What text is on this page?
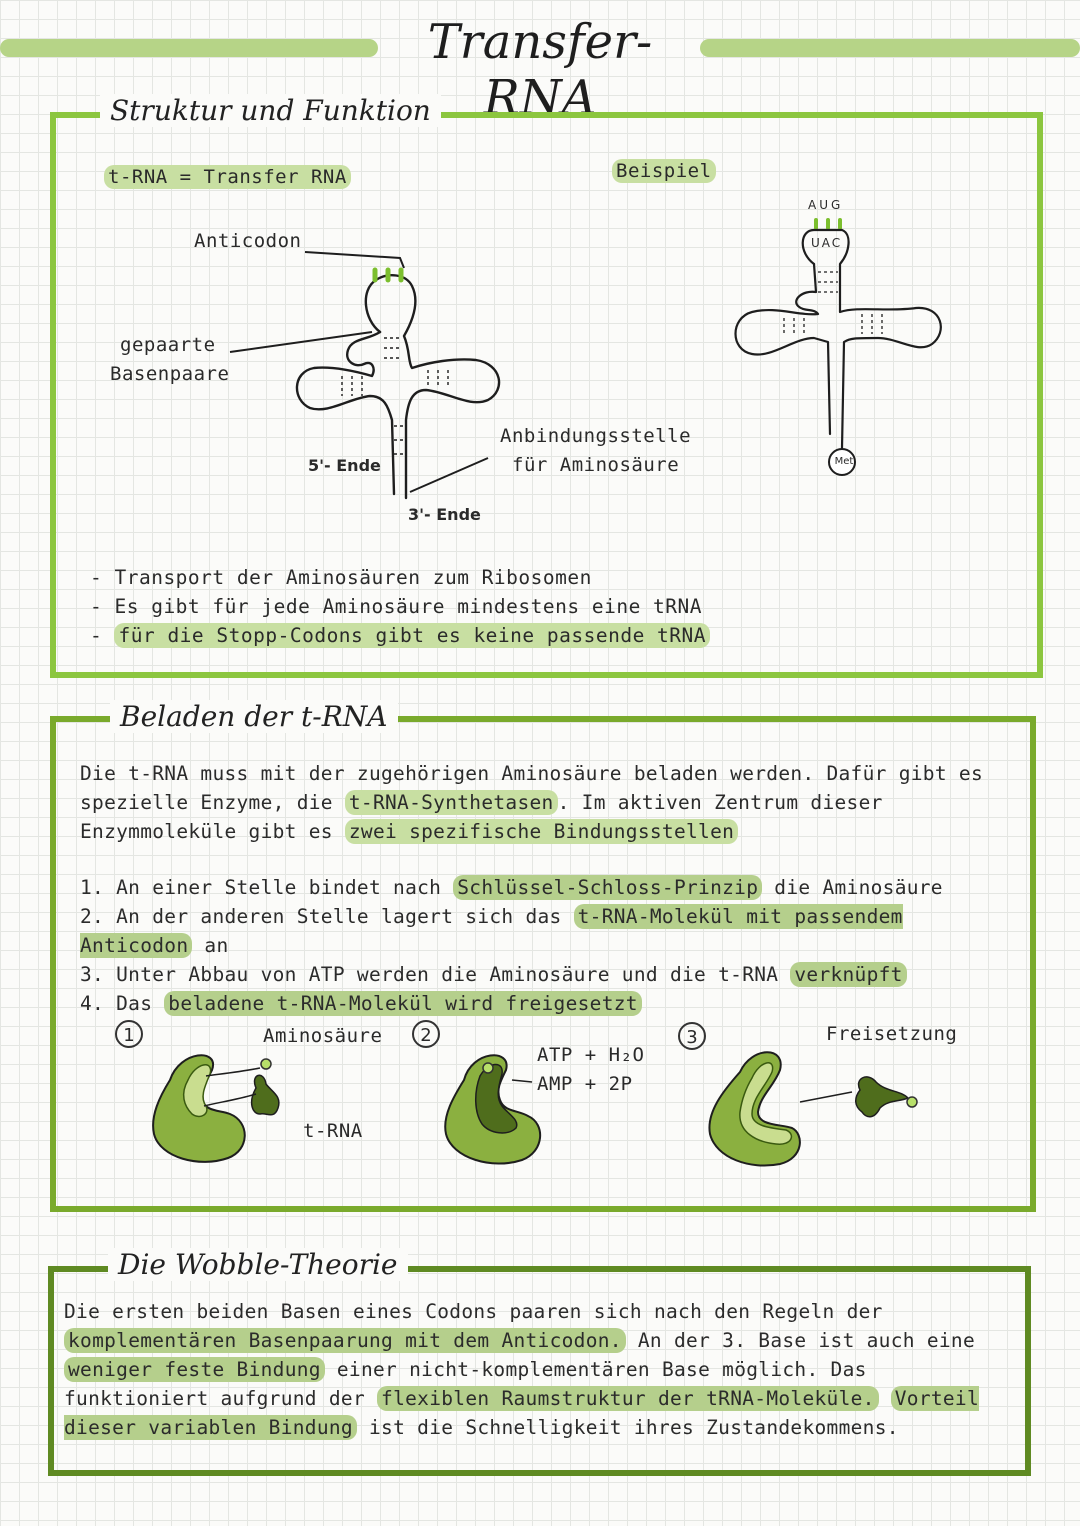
Transfer-RNA
Struktur und Funktion
t-RNA = Transfer RNA	Beispiel
Anticodon
gepaarte
Basenpaare
5'- Ende
3'- Ende
Anbindungsstelle
für Aminosäure
AUG
UAC
Met
- Transport der Aminosäuren zum Ribosomen
- Es gibt für jede Aminosäure mindestens eine tRNA
- für die Stopp-Codons gibt es keine passende tRNA
Beladen der t-RNA
Die t-RNA muss mit der zugehörigen Aminosäure beladen werden. Dafür gibt es spezielle Enzyme, die t-RNA-Synthetasen . Im aktiven Zentrum dieser Enzymmoleküle gibt es zwei spezifische Bindungsstellen
1. An einer Stelle bindet nach Schlüssel-Schloss-Prinzip die Aminosäure
2. An der anderen Stelle lagert sich das t-RNA-Molekül mit passendem Anticodon an
3. Unter Abbau von ATP werden die Aminosäure und die t-RNA verknüpft
4. Das beladene t-RNA-Molekül wird freigesetzt
1	2	3
Aminosäure
t-RNA
ATP + H₂O
AMP + 2P
Freisetzung
Die Wobble-Theorie
Die ersten beiden Basen eines Codons paaren sich nach den Regeln der komplementären Basenpaarung mit dem Anticodon. An der 3. Base ist auch eine weniger feste Bindung einer nicht-komplementären Base möglich. Das funktioniert aufgrund der flexiblen Raumstruktur der tRNA-Moleküle. Vorteil dieser variablen Bindung ist die Schnelligkeit ihres Zustandekommens.
